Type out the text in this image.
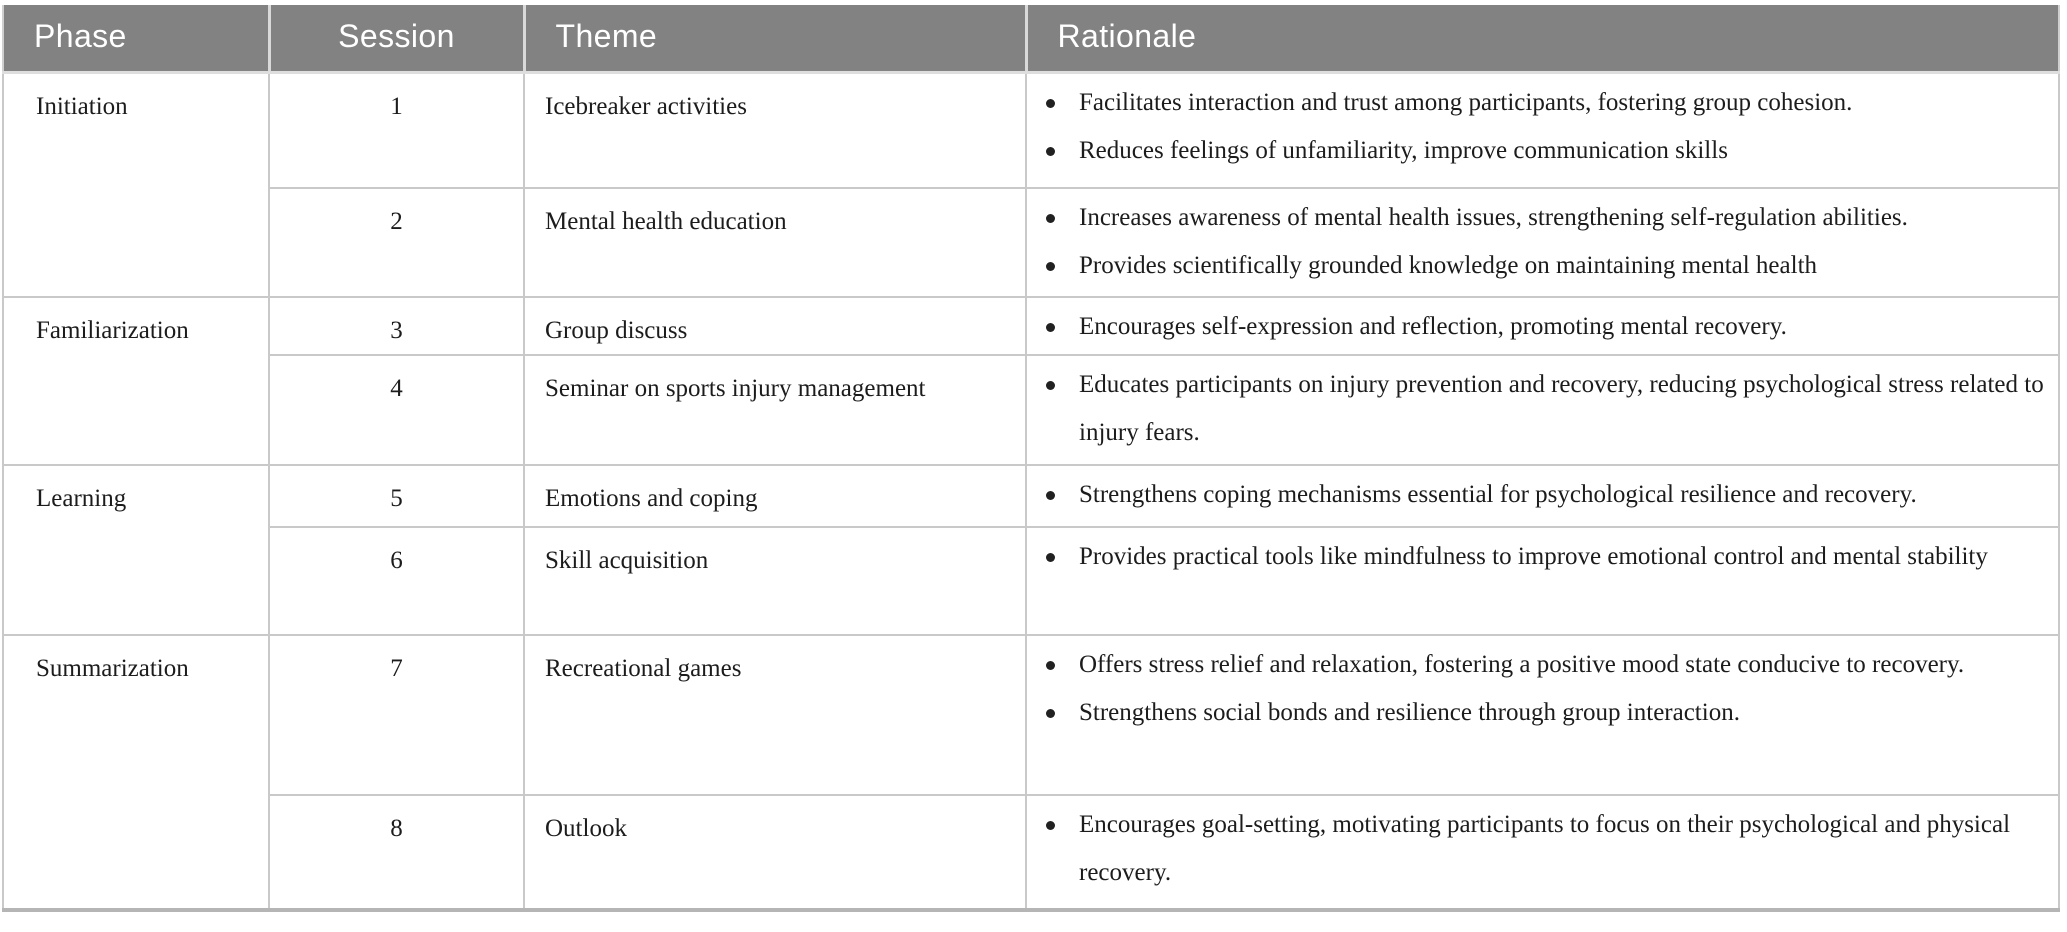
Phase	Session	Theme	Rationale
Initiation	1	Icebreaker activities	Facilitates interaction and trust among participants, fostering group cohesion.
Reduces feelings of unfamiliarity, improve communication skills

2	Mental health education	Increases awareness of mental health issues, strengthening self-regulation abilities.
Provides scientifically grounded knowledge on maintaining mental health

Familiarization	3	Group discuss	Encourages self-expression and reflection, promoting mental recovery.

4	Seminar on sports injury management	Educates participants on injury prevention and recovery, reducing psychological stress related to injury fears.

Learning	5	Emotions and coping	Strengthens coping mechanisms essential for psychological resilience and recovery.

6	Skill acquisition	Provides practical tools like mindfulness to improve emotional control and mental stability

Summarization	7	Recreational games	Offers stress relief and relaxation, fostering a positive mood state conducive to recovery.
Strengthens social bonds and resilience through group interaction.

8	Outlook	Encourages goal-setting, motivating participants to focus on their psychological and physical recovery.
